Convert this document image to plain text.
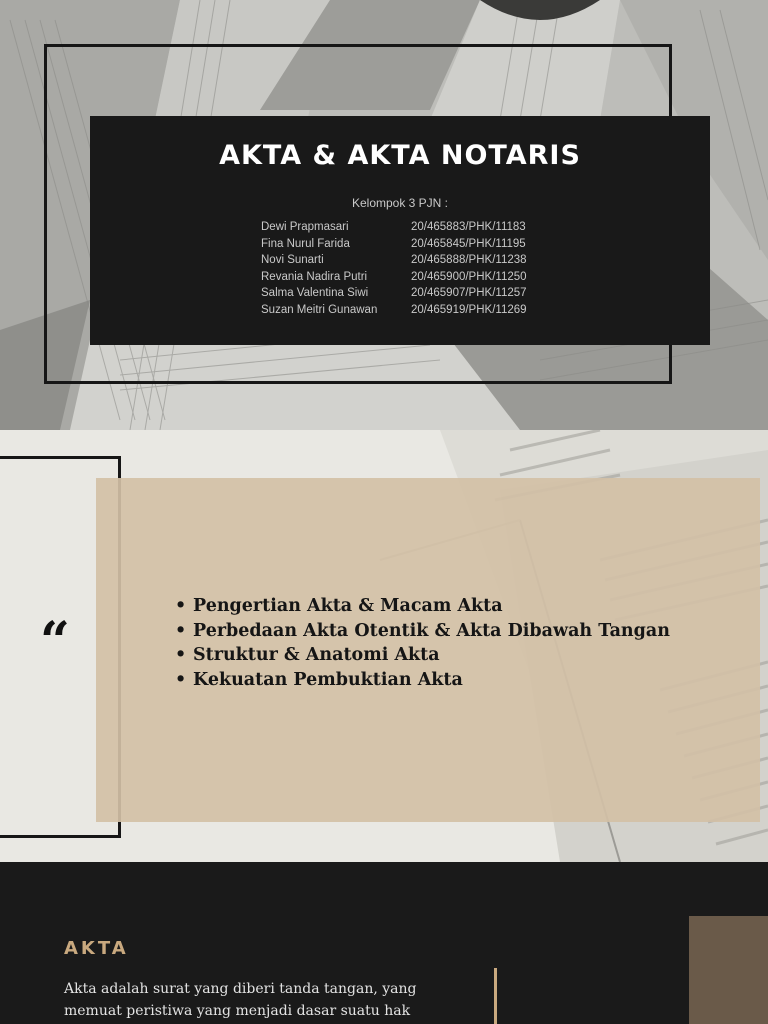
AKTA & AKTA NOTARIS
Kelompok 3 PJN :
Dewi Prapmasari	20/465883/PHK/11183
Fina Nurul Farida	20/465845/PHK/11195
Novi Sunarti	20/465888/PHK/11238
Revania Nadira Putri	20/465900/PHK/11250
Salma Valentina Siwi	20/465907/PHK/11257
Suzan Meitri Gunawan	20/465919/PHK/11269
“
• Pengertian Akta & Macam Akta
• Perbedaan Akta Otentik & Akta Dibawah Tangan
• Struktur & Anatomi Akta
• Kekuatan Pembuktian Akta
AKTA

Akta adalah surat yang diberi tanda tangan, yang memuat peristiwa yang menjadi dasar suatu hak
